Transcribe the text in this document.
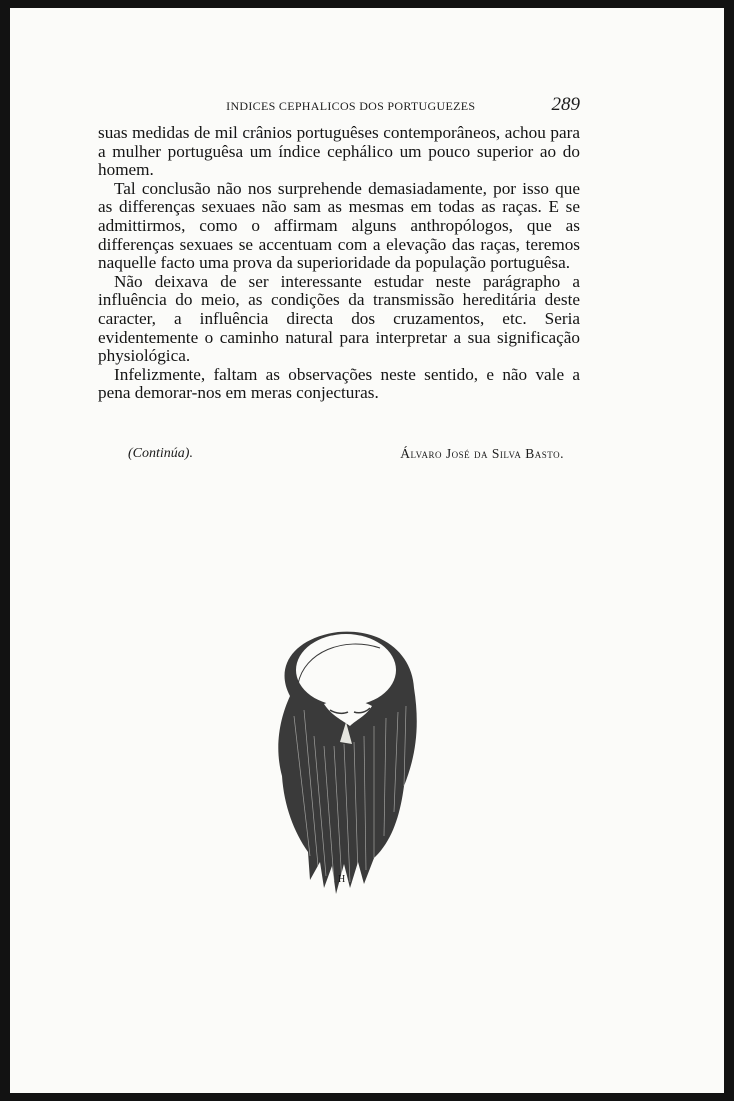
INDICES CEPHALICOS DOS PORTUGUEZES	289

suas medidas de mil crânios portuguêses contemporâneos, achou para a mulher portuguêsa um índice cephálico um pouco superior ao do homem.

Tal conclusão não nos surprehende demasiadamente, por isso que as differenças sexuaes não sam as mesmas em todas as raças. E se admittirmos, como o affirmam alguns anthropólogos, que as differenças sexuaes se accentuam com a elevação das raças, teremos naquelle facto uma prova da superioridade da população portuguêsa.

Não deixava de ser interessante estudar neste parágrapho a influência do meio, as condições da transmissão hereditária deste caracter, a influência directa dos cruzamentos, etc. Seria evidentemente o caminho natural para interpretar a sua significação physiológica.

Infelizmente, faltam as observações neste sentido, e não vale a pena demorar-nos em meras conjecturas.

(Continúa).	Álvaro José da Silva Basto.
H
